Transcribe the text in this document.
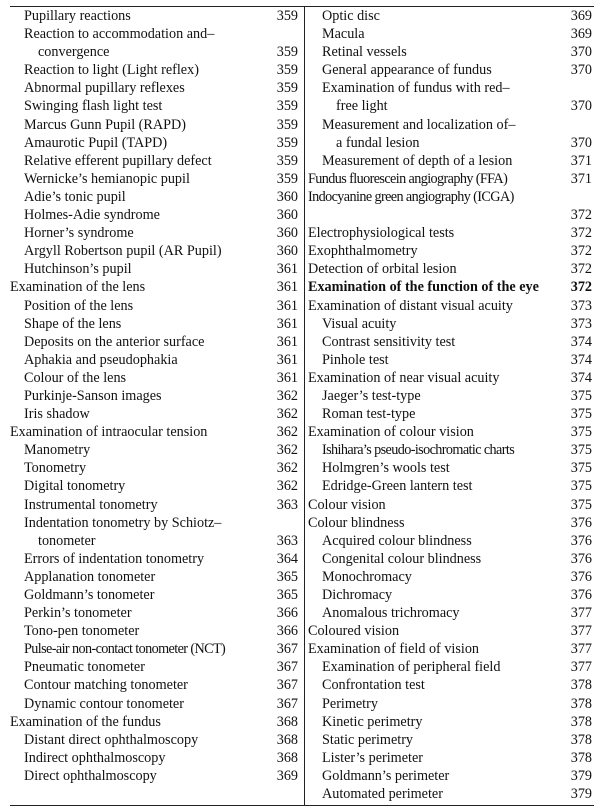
Pupillary reactions	359
Reaction to accommodation and–
convergence	359
Reaction to light (Light reflex)	359
Abnormal pupillary reflexes	359
Swinging flash light test	359
Marcus Gunn Pupil (RAPD)	359
Amaurotic Pupil (TAPD)	359
Relative efferent pupillary defect	359
Wernicke’s hemianopic pupil	359
Adie’s tonic pupil	360
Holmes-Adie syndrome	360
Horner’s syndrome	360
Argyll Robertson pupil (AR Pupil)	360
Hutchinson’s pupil	361
Examination of the lens	361
Position of the lens	361
Shape of the lens	361
Deposits on the anterior surface	361
Aphakia and pseudophakia	361
Colour of the lens	361
Purkinje-Sanson images	362
Iris shadow	362
Examination of intraocular tension	362
Manometry	362
Tonometry	362
Digital tonometry	362
Instrumental tonometry	363
Indentation tonometry by Schiotz–
tonometer	363
Errors of indentation tonometry	364
Applanation tonometer	365
Goldmann’s tonometer	365
Perkin’s tonometer	366
Tono-pen tonometer	366
Pulse-air non-contact tonometer (NCT)	367
Pneumatic tonometer	367
Contour matching tonometer	367
Dynamic contour tonometer	367
Examination of the fundus	368
Distant direct ophthalmoscopy	368
Indirect ophthalmoscopy	368
Direct ophthalmoscopy	369
Optic disc	369
Macula	369
Retinal vessels	370
General appearance of fundus	370
Examination of fundus with red–
free light	370
Measurement and localization of–
a fundal lesion	370
Measurement of depth of a lesion	371
Fundus fluorescein angiography (FFA)	371
Indocyanine green angiography (ICGA)
372
Electrophysiological tests	372
Exophthalmometry	372
Detection of orbital lesion	372
Examination of the function of the eye	372
Examination of distant visual acuity	373
Visual acuity	373
Contrast sensitivity test	374
Pinhole test	374
Examination of near visual acuity	374
Jaeger’s test-type	375
Roman test-type	375
Examination of colour vision	375
Ishihara’s pseudo-isochromatic charts	375
Holmgren’s wools test	375
Edridge-Green lantern test	375
Colour vision	375
Colour blindness	376
Acquired colour blindness	376
Congenital colour blindness	376
Monochromacy	376
Dichromacy	376
Anomalous trichromacy	377
Coloured vision	377
Examination of field of vision	377
Examination of peripheral field	377
Confrontation test	378
Perimetry	378
Kinetic perimetry	378
Static perimetry	378
Lister’s perimeter	378
Goldmann’s perimeter	379
Automated perimeter	379
